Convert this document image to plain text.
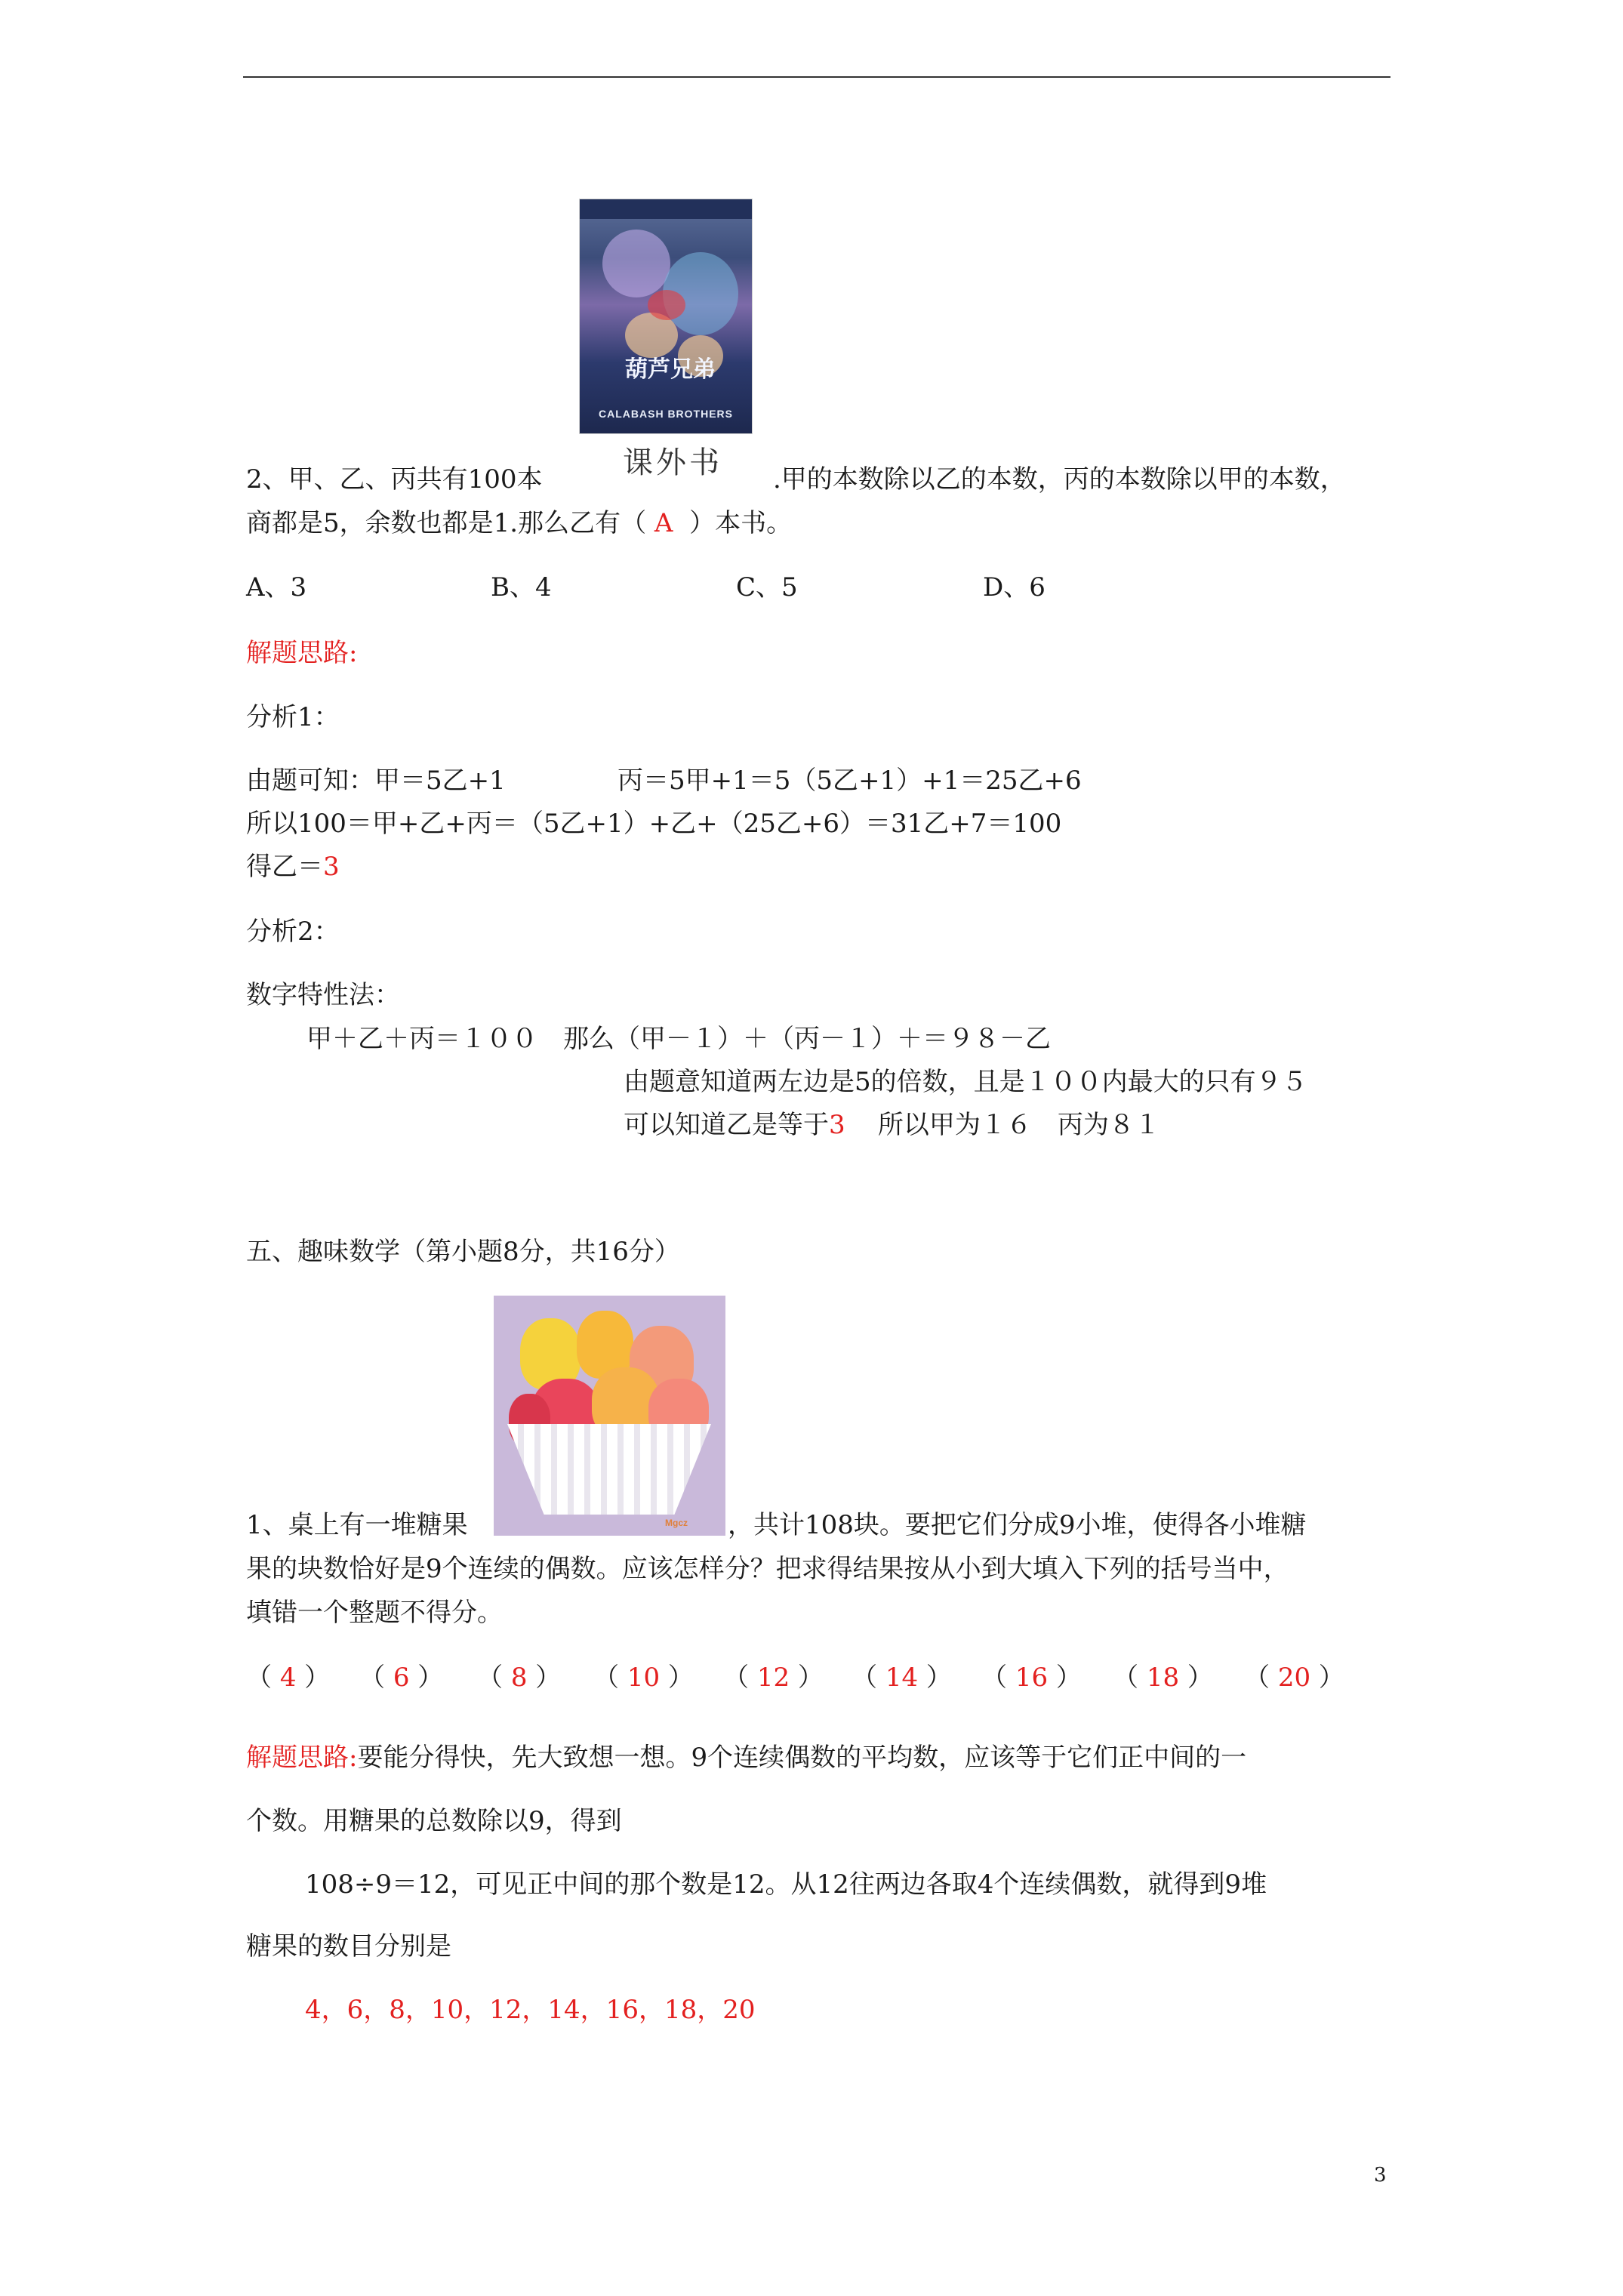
葫芦兄弟
CALABASH BROTHERS
课外书
2、甲、乙、丙共有100本	.甲的本数除以乙的本数，丙的本数除以甲的本数，
商都是5，余数也都是1.那么乙有（ A ）本书。
A、3	B、4	C、5	D、6
解题思路:
分析1：
由题可知：甲＝5乙+1	丙＝5甲+1＝5（5乙+1）+1＝25乙+6
所以100＝甲+乙+丙＝（5乙+1）+乙+（25乙+6）＝31乙+7＝100
得乙＝3
分析2：
数字特性法：
甲＋乙＋丙＝１００　那么（甲－１）＋（丙－１）＋＝９８－乙
由题意知道两左边是5的倍数，且是１００内最大的只有９５
可以知道乙是等于3 所以甲为１６　丙为８１
五、趣味数学（第小题8分，共16分）
Mgcz
1、桌上有一堆糖果	，共计108块。要把它们分成9小堆，使得各小堆糖
果的块数恰好是9个连续的偶数。应该怎样分？把求得结果按从小到大填入下列的括号当中，
填错一个整题不得分。
（ 4 ） （ 6 ） （ 8 ） （ 10 ） （ 12 ） （ 14 ） （ 16 ） （ 18 ） （ 20 ）
解题思路:要能分得快，先大致想一想。9个连续偶数的平均数，应该等于它们正中间的一
个数。用糖果的总数除以9，得到
108÷9＝12，可见正中间的那个数是12。从12往两边各取4个连续偶数，就得到9堆
糖果的数目分别是
4，6，8，10，12，14，16，18，20
3
